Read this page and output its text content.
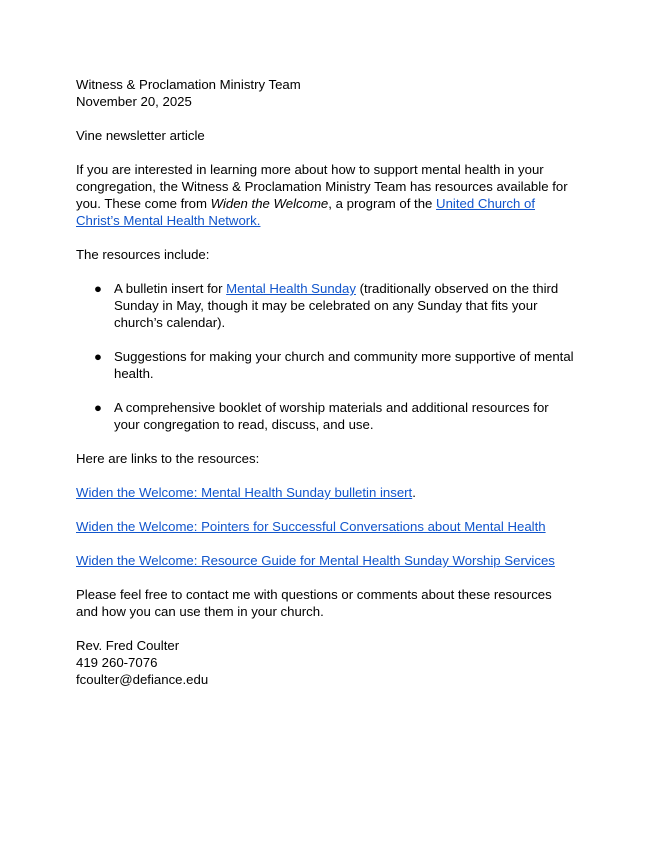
Witness & Proclamation Ministry Team

November 20, 2025

Vine newsletter article

If you are interested in learning more about how to support mental health in your congregation, the Witness & Proclamation Ministry Team has resources available for you. These come from Widen the Welcome, a program of the United Church of Christ’s Mental Health Network.

The resources include:

● A bulletin insert for Mental Health Sunday (traditionally observed on the third Sunday in May, though it may be celebrated on any Sunday that fits your church’s calendar).
● Suggestions for making your church and community more supportive of mental health.
● A comprehensive booklet of worship materials and additional resources for your congregation to read, discuss, and use.

Here are links to the resources:

Widen the Welcome: Mental Health Sunday bulletin insert.

Widen the Welcome: Pointers for Successful Conversations about Mental Health

Widen the Welcome: Resource Guide for Mental Health Sunday Worship Services

Please feel free to contact me with questions or comments about these resources and how you can use them in your church.

Rev. Fred Coulter

419 260-7076

fcoulter@defiance.edu
